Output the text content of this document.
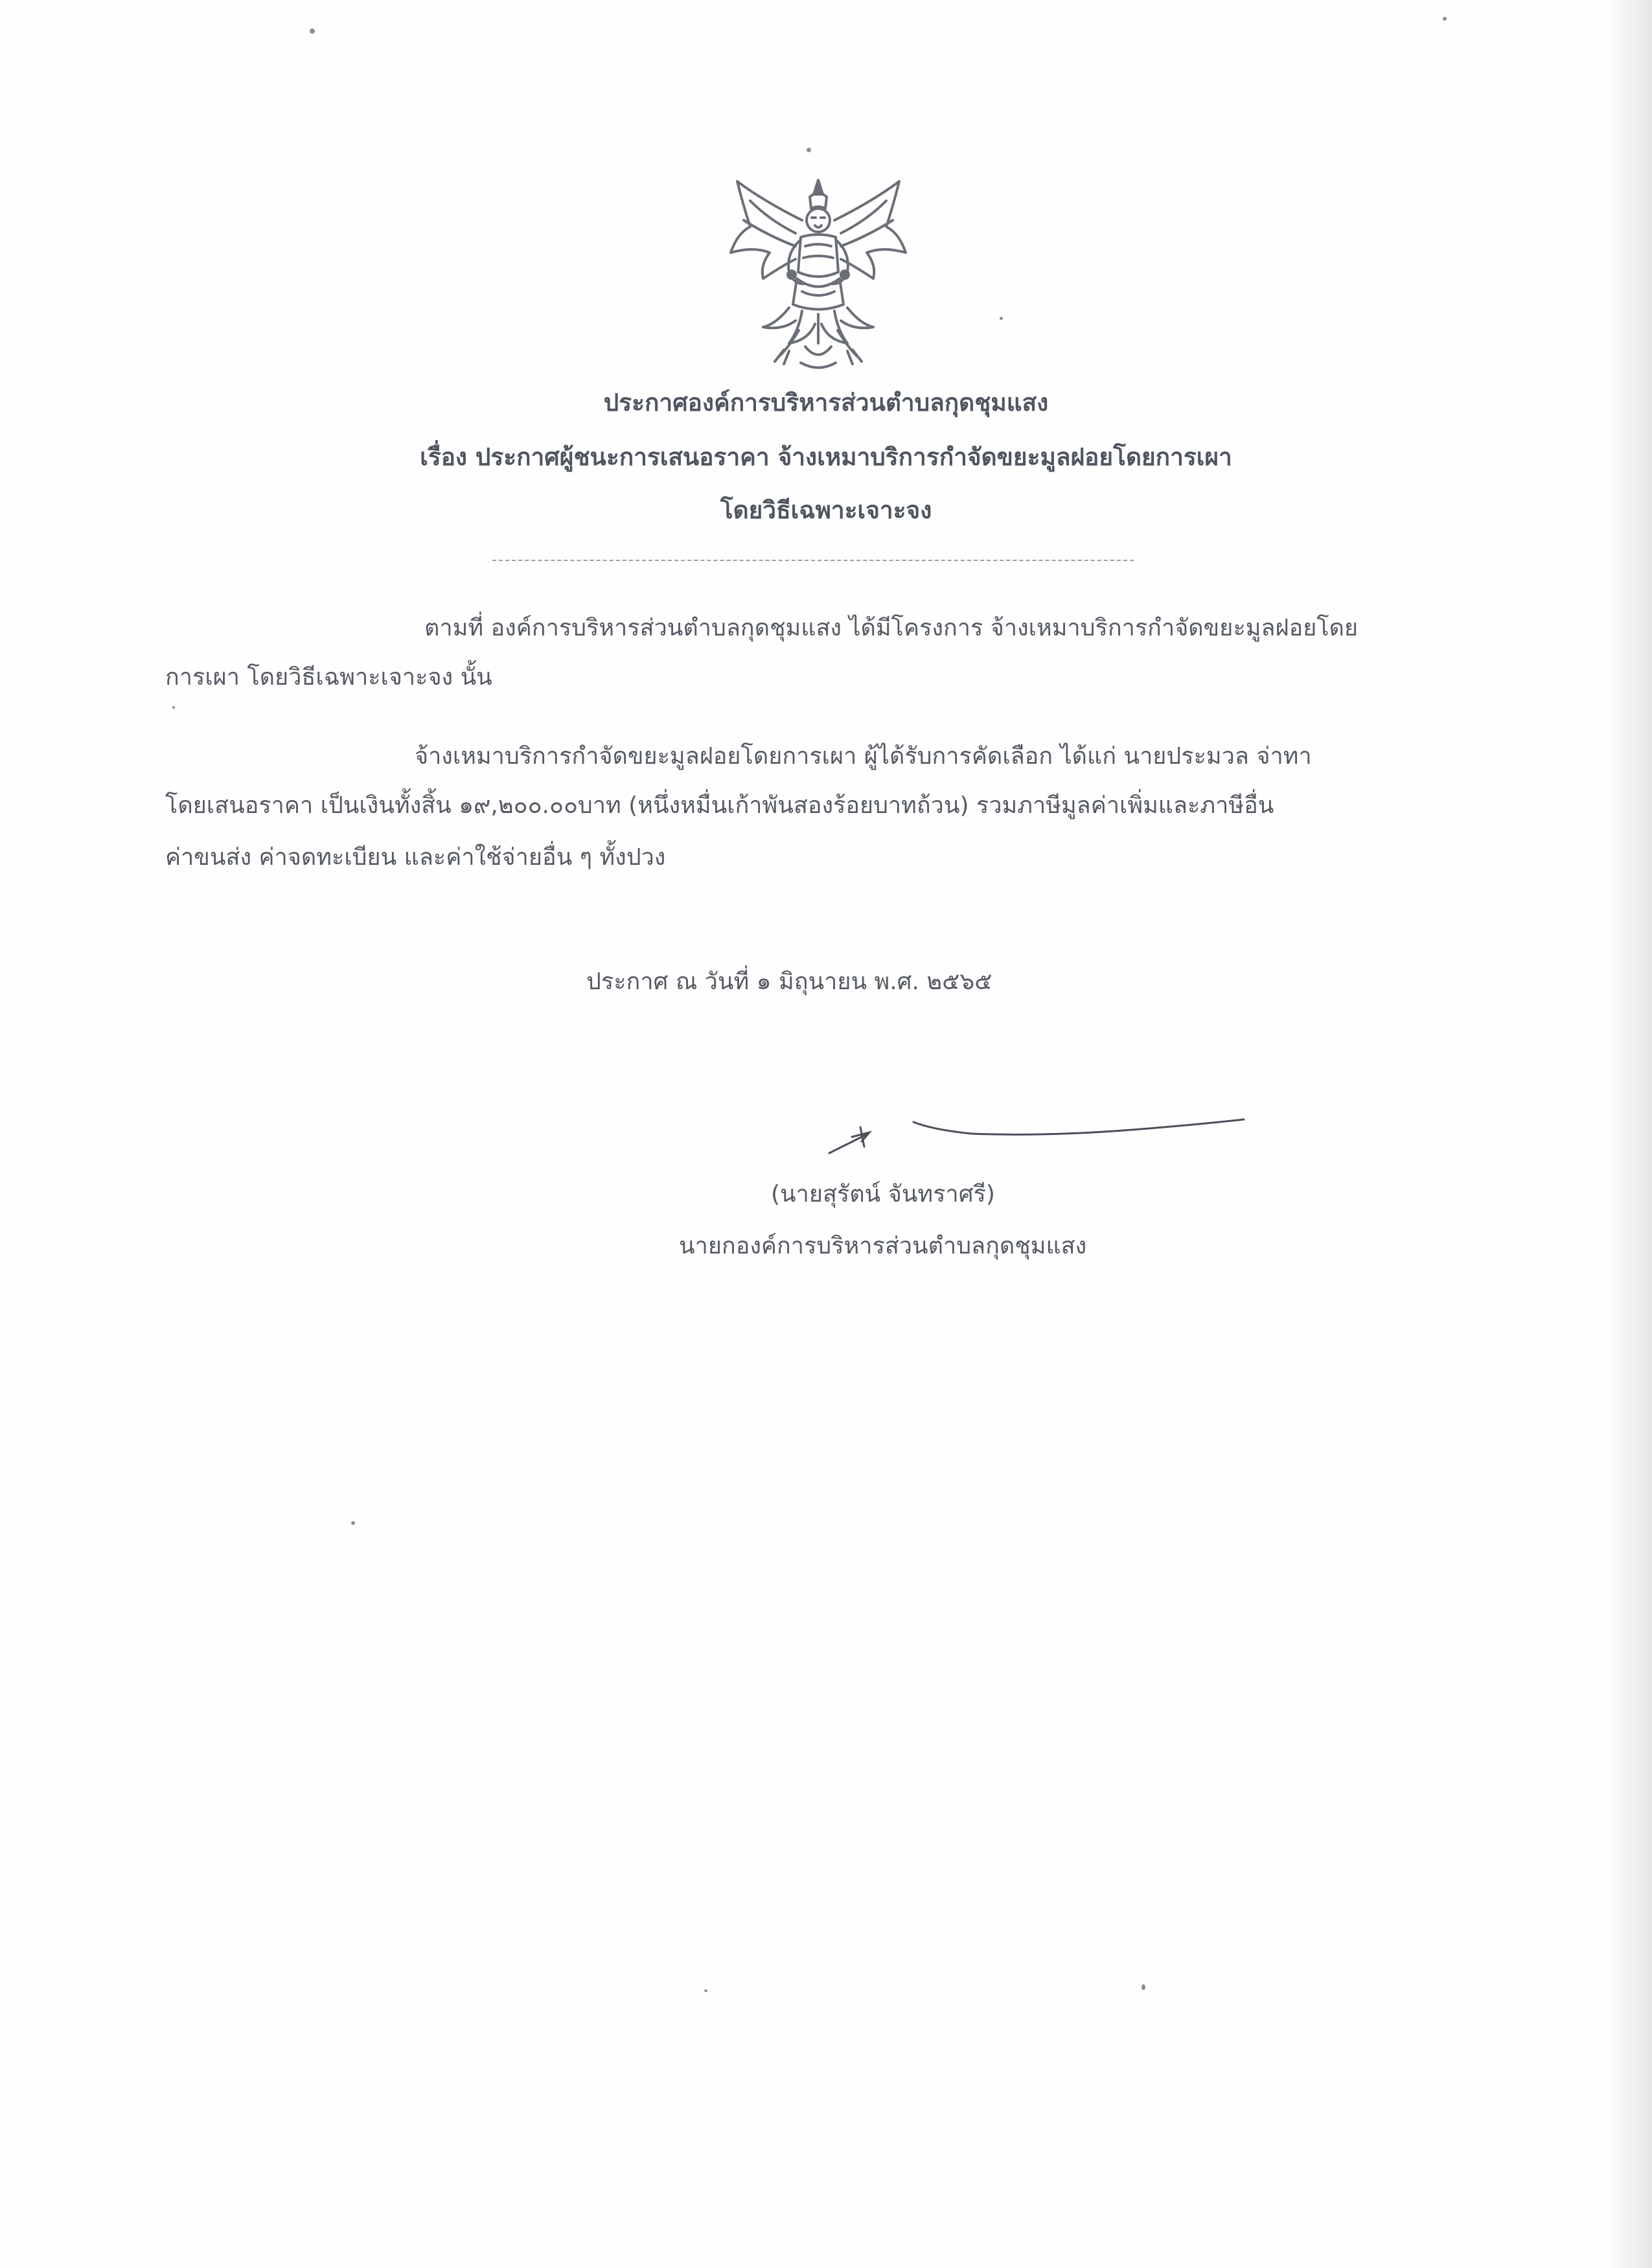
ประกาศองค์การบริหารส่วนตำบลกุดชุมแสง
เรื่อง ประกาศผู้ชนะการเสนอราคา จ้างเหมาบริการกำจัดขยะมูลฝอยโดยการเผา
โดยวิธีเฉพาะเจาะจง
ตามที่ องค์การบริหารส่วนตำบลกุดชุมแสง ได้มีโครงการ จ้างเหมาบริการกำจัดขยะมูลฝอยโดย
การเผา โดยวิธีเฉพาะเจาะจง นั้น
จ้างเหมาบริการกำจัดขยะมูลฝอยโดยการเผา ผู้ได้รับการคัดเลือก ได้แก่ นายประมวล จ่าทา
โดยเสนอราคา เป็นเงินทั้งสิ้น ๑๙,๒๐๐.๐๐บาท (หนึ่งหมื่นเก้าพันสองร้อยบาทถ้วน) รวมภาษีมูลค่าเพิ่มและภาษีอื่น
ค่าขนส่ง ค่าจดทะเบียน และค่าใช้จ่ายอื่น ๆ ทั้งปวง
ประกาศ ณ วันที่ ๑ มิถุนายน พ.ศ. ๒๕๖๕
(นายสุรัตน์ จันทราศรี)
นายกองค์การบริหารส่วนตำบลกุดชุมแสง
